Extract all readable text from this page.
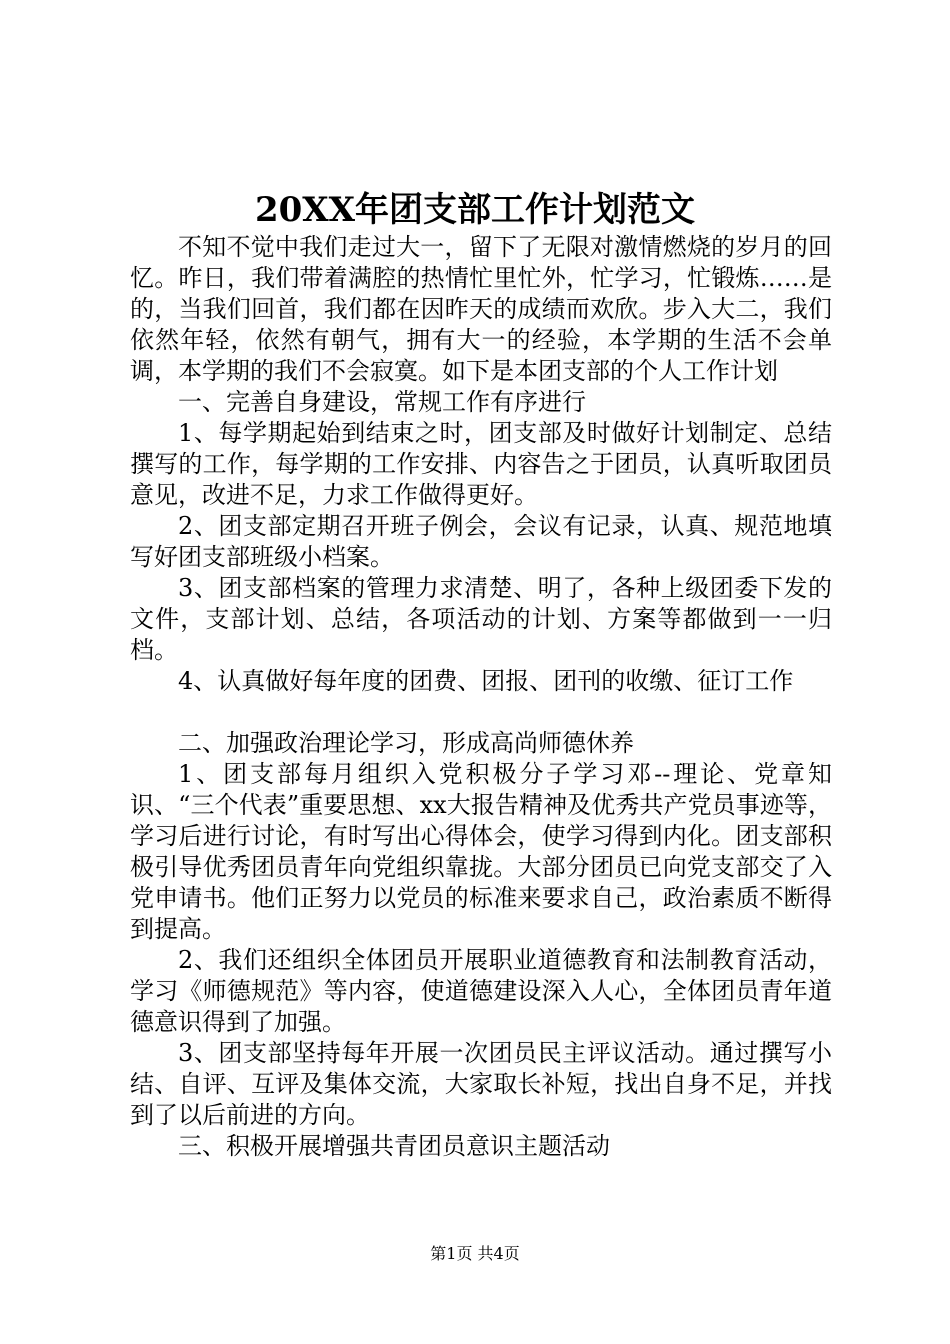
20XX年团支部工作计划范文

不知不觉中我们走过大一，留下了无限对激情燃烧的岁月的回忆。昨日，我们带着满腔的热情忙里忙外，忙学习，忙锻炼……是的，当我们回首，我们都在因昨天的成绩而欢欣。步入大二，我们依然年轻，依然有朝气，拥有大一的经验，本学期的生活不会单调，本学期的我们不会寂寞。如下是本团支部的个人工作计划

一、完善自身建设，常规工作有序进行

1、每学期起始到结束之时，团支部及时做好计划制定、总结撰写的工作，每学期的工作安排、内容告之于团员，认真听取团员意见，改进不足，力求工作做得更好。

2、团支部定期召开班子例会，会议有记录，认真、规范地填写好团支部班级小档案。

3、团支部档案的管理力求清楚、明了，各种上级团委下发的文件，支部计划、总结，各项活动的计划、方案等都做到一一归档。

4、认真做好每年度的团费、团报、团刊的收缴、征订工作

二、加强政治理论学习，形成高尚师德休养

1、团支部每月组织入党积极分子学习邓--理论、党章知识、“三个代表”重要思想、xx大报告精神及优秀共产党员事迹等，学习后进行讨论，有时写出心得体会，使学习得到内化。团支部积极引导优秀团员青年向党组织靠拢。大部分团员已向党支部交了入党申请书。他们正努力以党员的标准来要求自己，政治素质不断得到提高。

2、我们还组织全体团员开展职业道德教育和法制教育活动，学习《师德规范》等内容，使道德建设深入人心，全体团员青年道德意识得到了加强。

3、团支部坚持每年开展一次团员民主评议活动。通过撰写小结、自评、互评及集体交流，大家取长补短，找出自身不足，并找到了以后前进的方向。

三、积极开展增强共青团员意识主题活动

第1页 共4页
